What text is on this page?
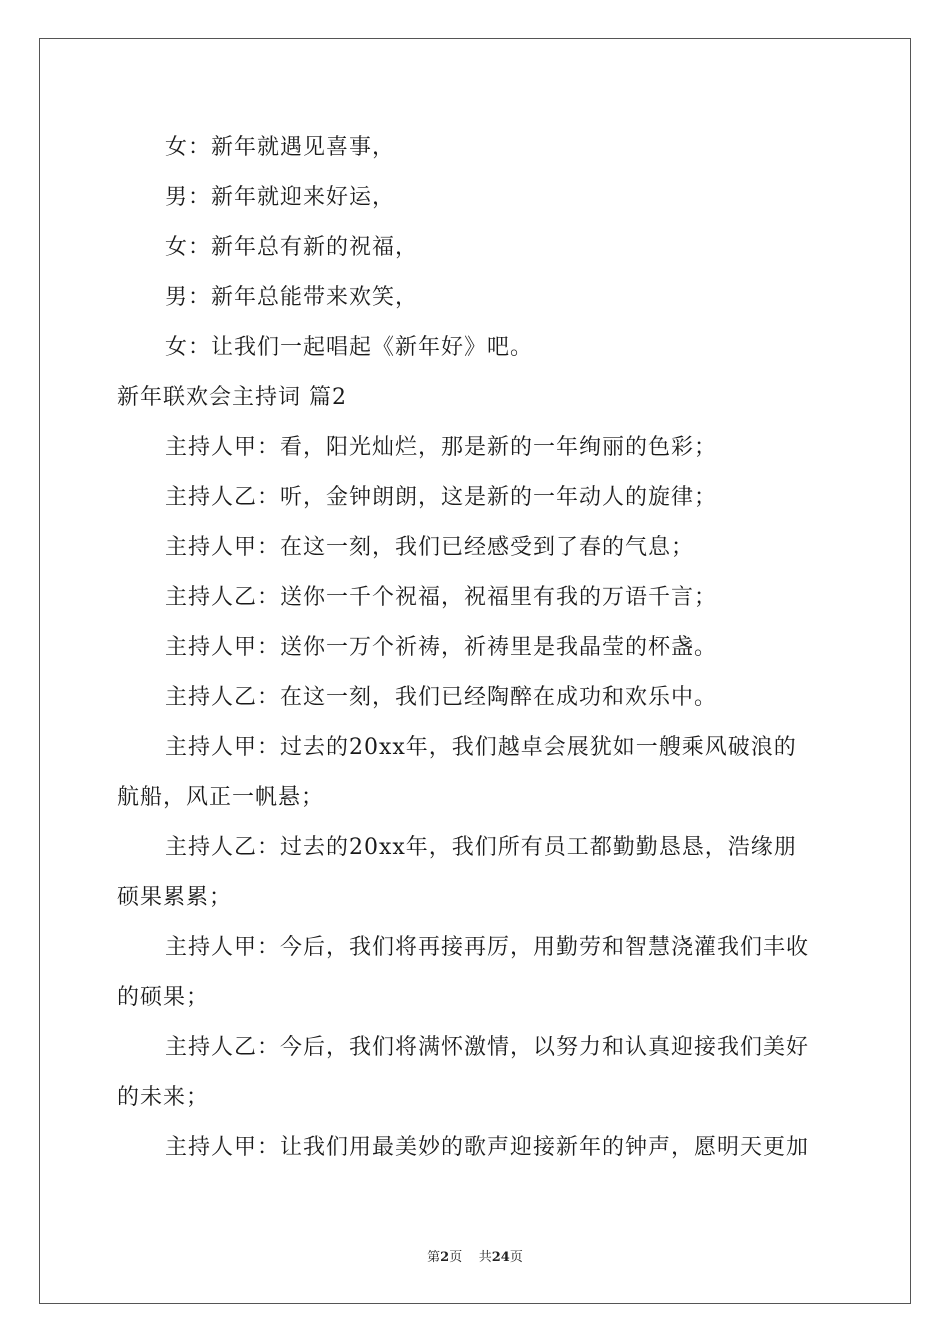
女：新年就遇见喜事，
男：新年就迎来好运，
女：新年总有新的祝福，
男：新年总能带来欢笑，
女：让我们一起唱起《新年好》吧。
新年联欢会主持词 篇2
主持人甲：看，阳光灿烂，那是新的一年绚丽的色彩；
主持人乙：听，金钟朗朗，这是新的一年动人的旋律；
主持人甲：在这一刻，我们已经感受到了春的气息；
主持人乙：送你一千个祝福，祝福里有我的万语千言；
主持人甲：送你一万个祈祷，祈祷里是我晶莹的杯盏。
主持人乙：在这一刻，我们已经陶醉在成功和欢乐中。
主持人甲：过去的20xx年，我们越卓会展犹如一艘乘风破浪的
航船，风正一帆悬；
主持人乙：过去的20xx年，我们所有员工都勤勤恳恳，浩缘朋
硕果累累；
主持人甲：今后，我们将再接再厉，用勤劳和智慧浇灌我们丰收
的硕果；
主持人乙：今后，我们将满怀激情，以努力和认真迎接我们美好
的未来；
主持人甲：让我们用最美妙的歌声迎接新年的钟声，愿明天更加
第2页 共24页
